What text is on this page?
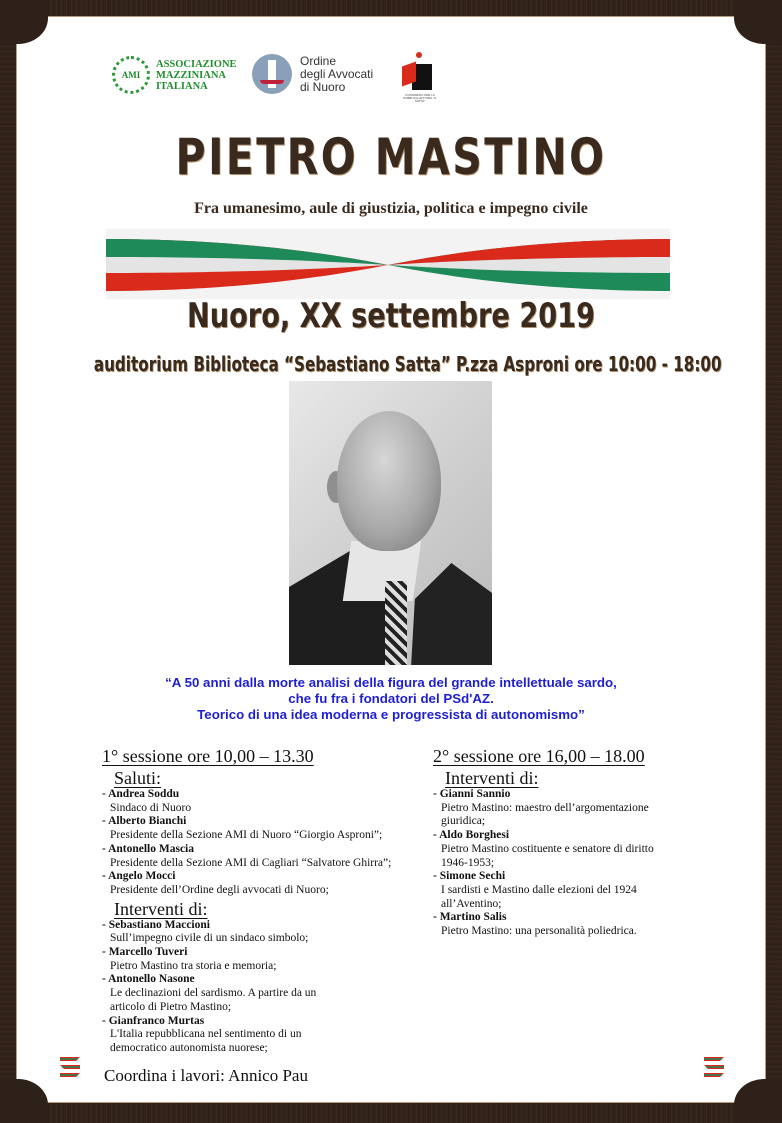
AMI
ASSOCIAZIONE
MAZZINIANA
ITALIANA
Ordine
degli Avvocati
di Nuoro
CONSORZIO PER LA PUBBLICA LETTURA "S. SATTA"
PIETRO MASTINO
Fra umanesimo, aule di giustizia, politica e impegno civile
Nuoro, XX settembre 2019
auditorium Biblioteca “Sebastiano Satta” P.zza Asproni ore 10:00 - 18:00
“A 50 anni dalla morte analisi della figura del grande intellettuale sardo,
che fu fra i fondatori del PSd'AZ.
Teorico di una idea moderna e progressista di autonomismo”
1° sessione ore 10,00 – 13.30
Saluti:
- Andrea Soddu
Sindaco di Nuoro
- Alberto Bianchi
Presidente della Sezione AMI di Nuoro “Giorgio Asproni”;
- Antonello Mascia
Presidente della Sezione AMI di Cagliari “Salvatore Ghirra”;
- Angelo Mocci
Presidente dell’Ordine degli avvocati di Nuoro;
Interventi di:
- Sebastiano Maccioni
Sull’impegno civile di un sindaco simbolo;
- Marcello Tuveri
Pietro Mastino tra storia e memoria;
- Antonello Nasone
Le declinazioni del sardismo. A partire da un
articolo di Pietro Mastino;
- Gianfranco Murtas
L'Italia repubblicana nel sentimento di un
democratico autonomista nuorese;
2° sessione ore 16,00 – 18.00
Interventi di:
- Gianni Sannio
Pietro Mastino: maestro dell’argomentazione
giuridica;
- Aldo Borghesi
Pietro Mastino costituente e senatore di diritto
1946-1953;
- Simone Sechi
I sardisti e Mastino dalle elezioni del 1924
all’Aventino;
- Martino Salis
Pietro Mastino: una personalità poliedrica.
Coordina i lavori: Annico Pau
